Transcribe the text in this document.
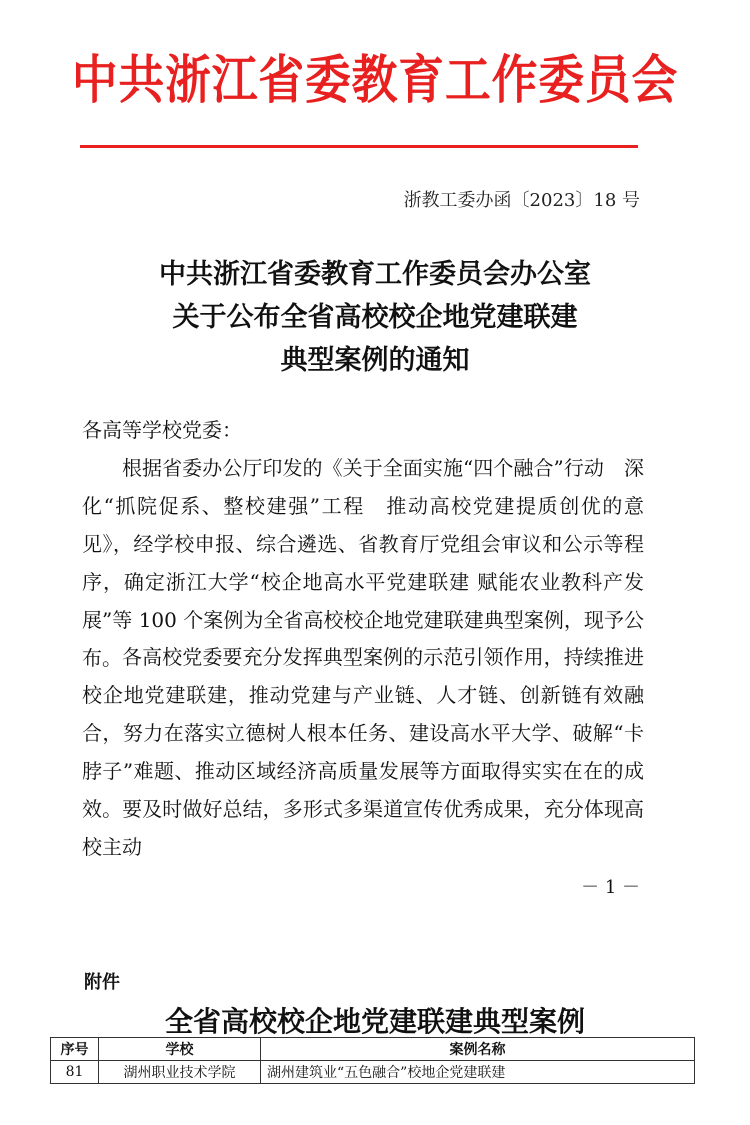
中共浙江省委教育工作委员会
浙教工委办函〔2023〕18 号
中共浙江省委教育工作委员会办公室
关于公布全省高校校企地党建联建
典型案例的通知
各高等学校党委：
根据省委办公厅印发的《关于全面实施“四个融合”行动　深化“抓院促系、整校建强”工程　推动高校党建提质创优的意见》，经学校申报、综合遴选、省教育厅党组会审议和公示等程序，确定浙江大学“校企地高水平党建联建 赋能农业教科产发展”等 100 个案例为全省高校校企地党建联建典型案例，现予公布。 各高校党委要充分发挥典型案例的示范引领作用，持续推进校企地党建联建，推动党建与产业链、人才链、创新链有效融合，努力在落实立德树人根本任务、建设高水平大学、破解“卡脖子”难题、推动区域经济高质量发展等方面取得实实在在的成效。要及时做好总结，多形式多渠道宣传优秀成果，充分体现高校主动
－ 1 －
附件
全省高校校企地党建联建典型案例
序号	学校	案例名称
81	湖州职业技术学院	湖州建筑业“五色融合”校地企党建联建
